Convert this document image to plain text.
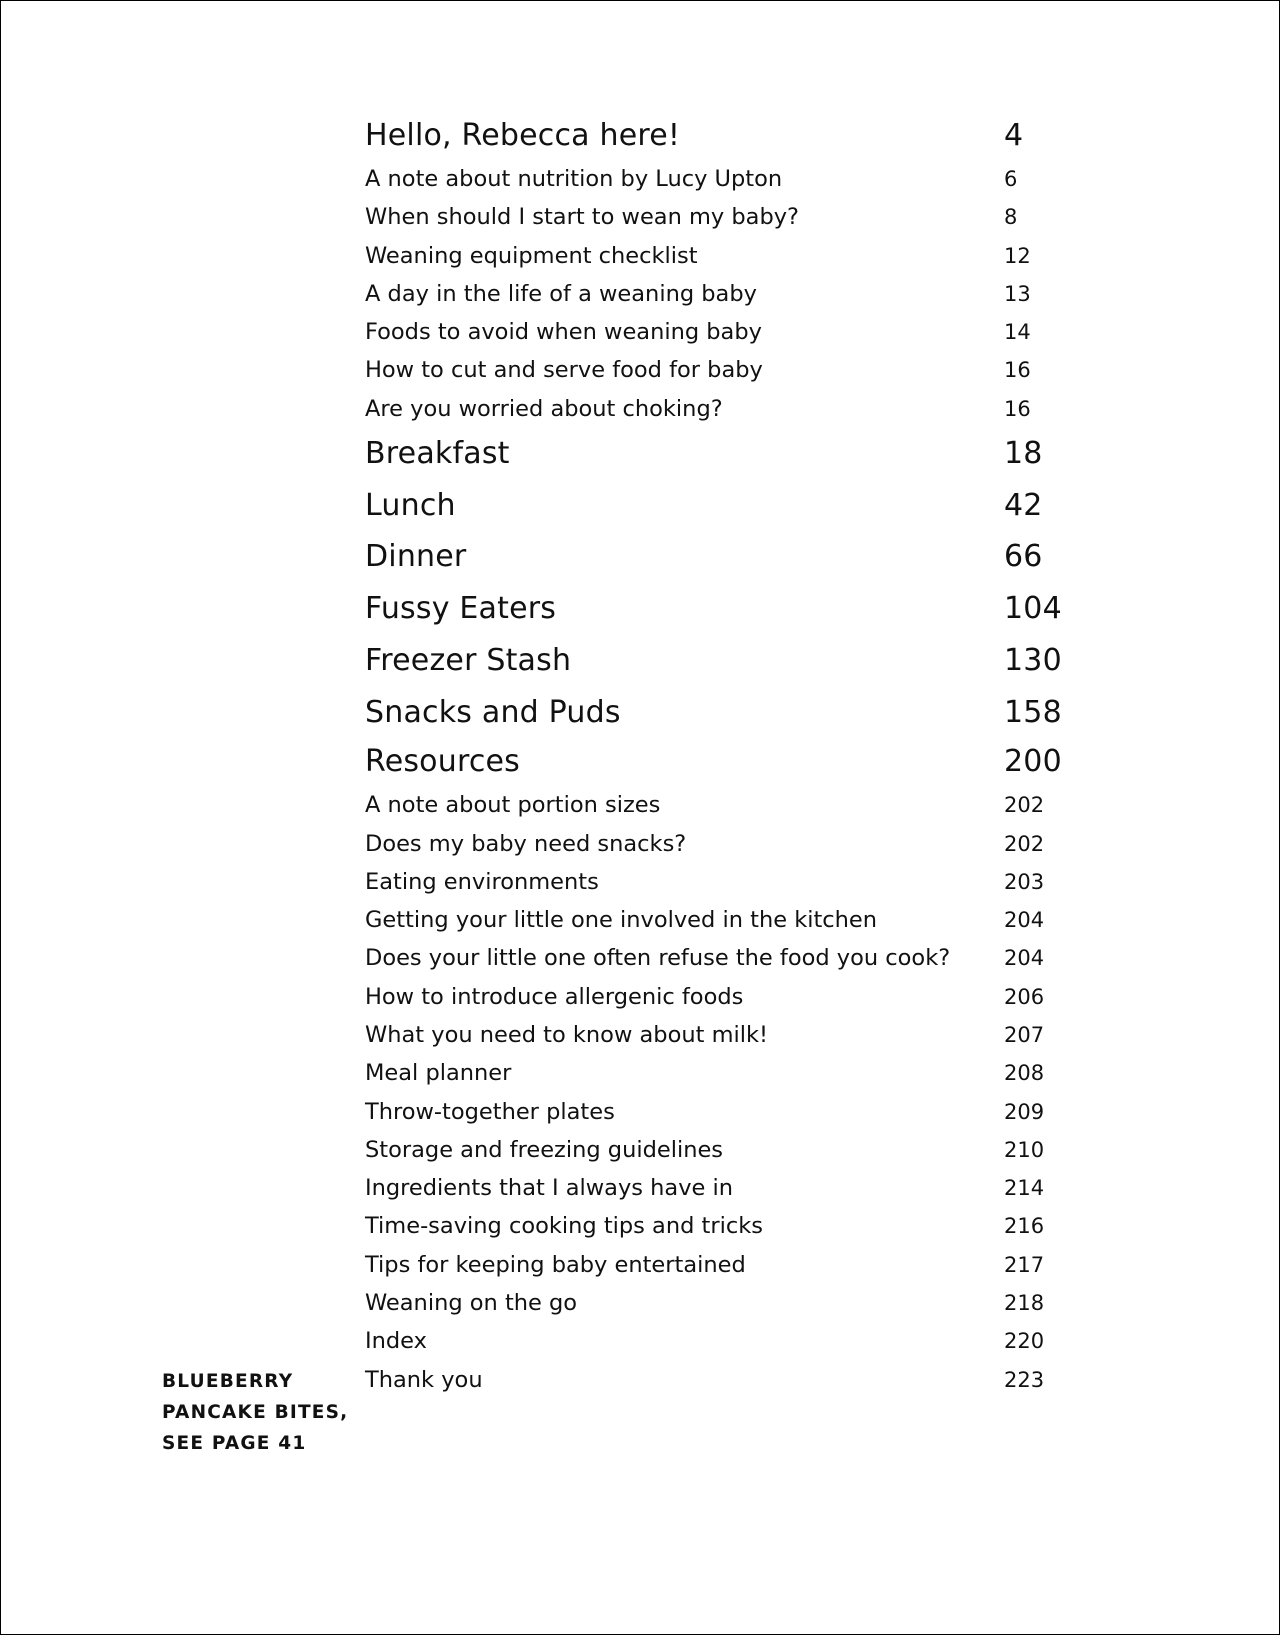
Hello, Rebecca here!	4
A note about nutrition by Lucy Upton	6
When should I start to wean my baby?	8
Weaning equipment checklist	12
A day in the life of a weaning baby	13
Foods to avoid when weaning baby	14
How to cut and serve food for baby	16
Are you worried about choking?	16
Breakfast	18
Lunch	42
Dinner	66
Fussy Eaters	104
Freezer Stash	130
Snacks and Puds	158
Resources	200
A note about portion sizes	202
Does my baby need snacks?	202
Eating environments	203
Getting your little one involved in the kitchen	204
Does your little one often refuse the food you cook?	204
How to introduce allergenic foods	206
What you need to know about milk!	207
Meal planner	208
Throw-together plates	209
Storage and freezing guidelines	210
Ingredients that I always have in	214
Time-saving cooking tips and tricks	216
Tips for keeping baby entertained	217
Weaning on the go	218
Index	220
Thank you	223
BLUEBERRY
PANCAKE BITES,
SEE PAGE 41
